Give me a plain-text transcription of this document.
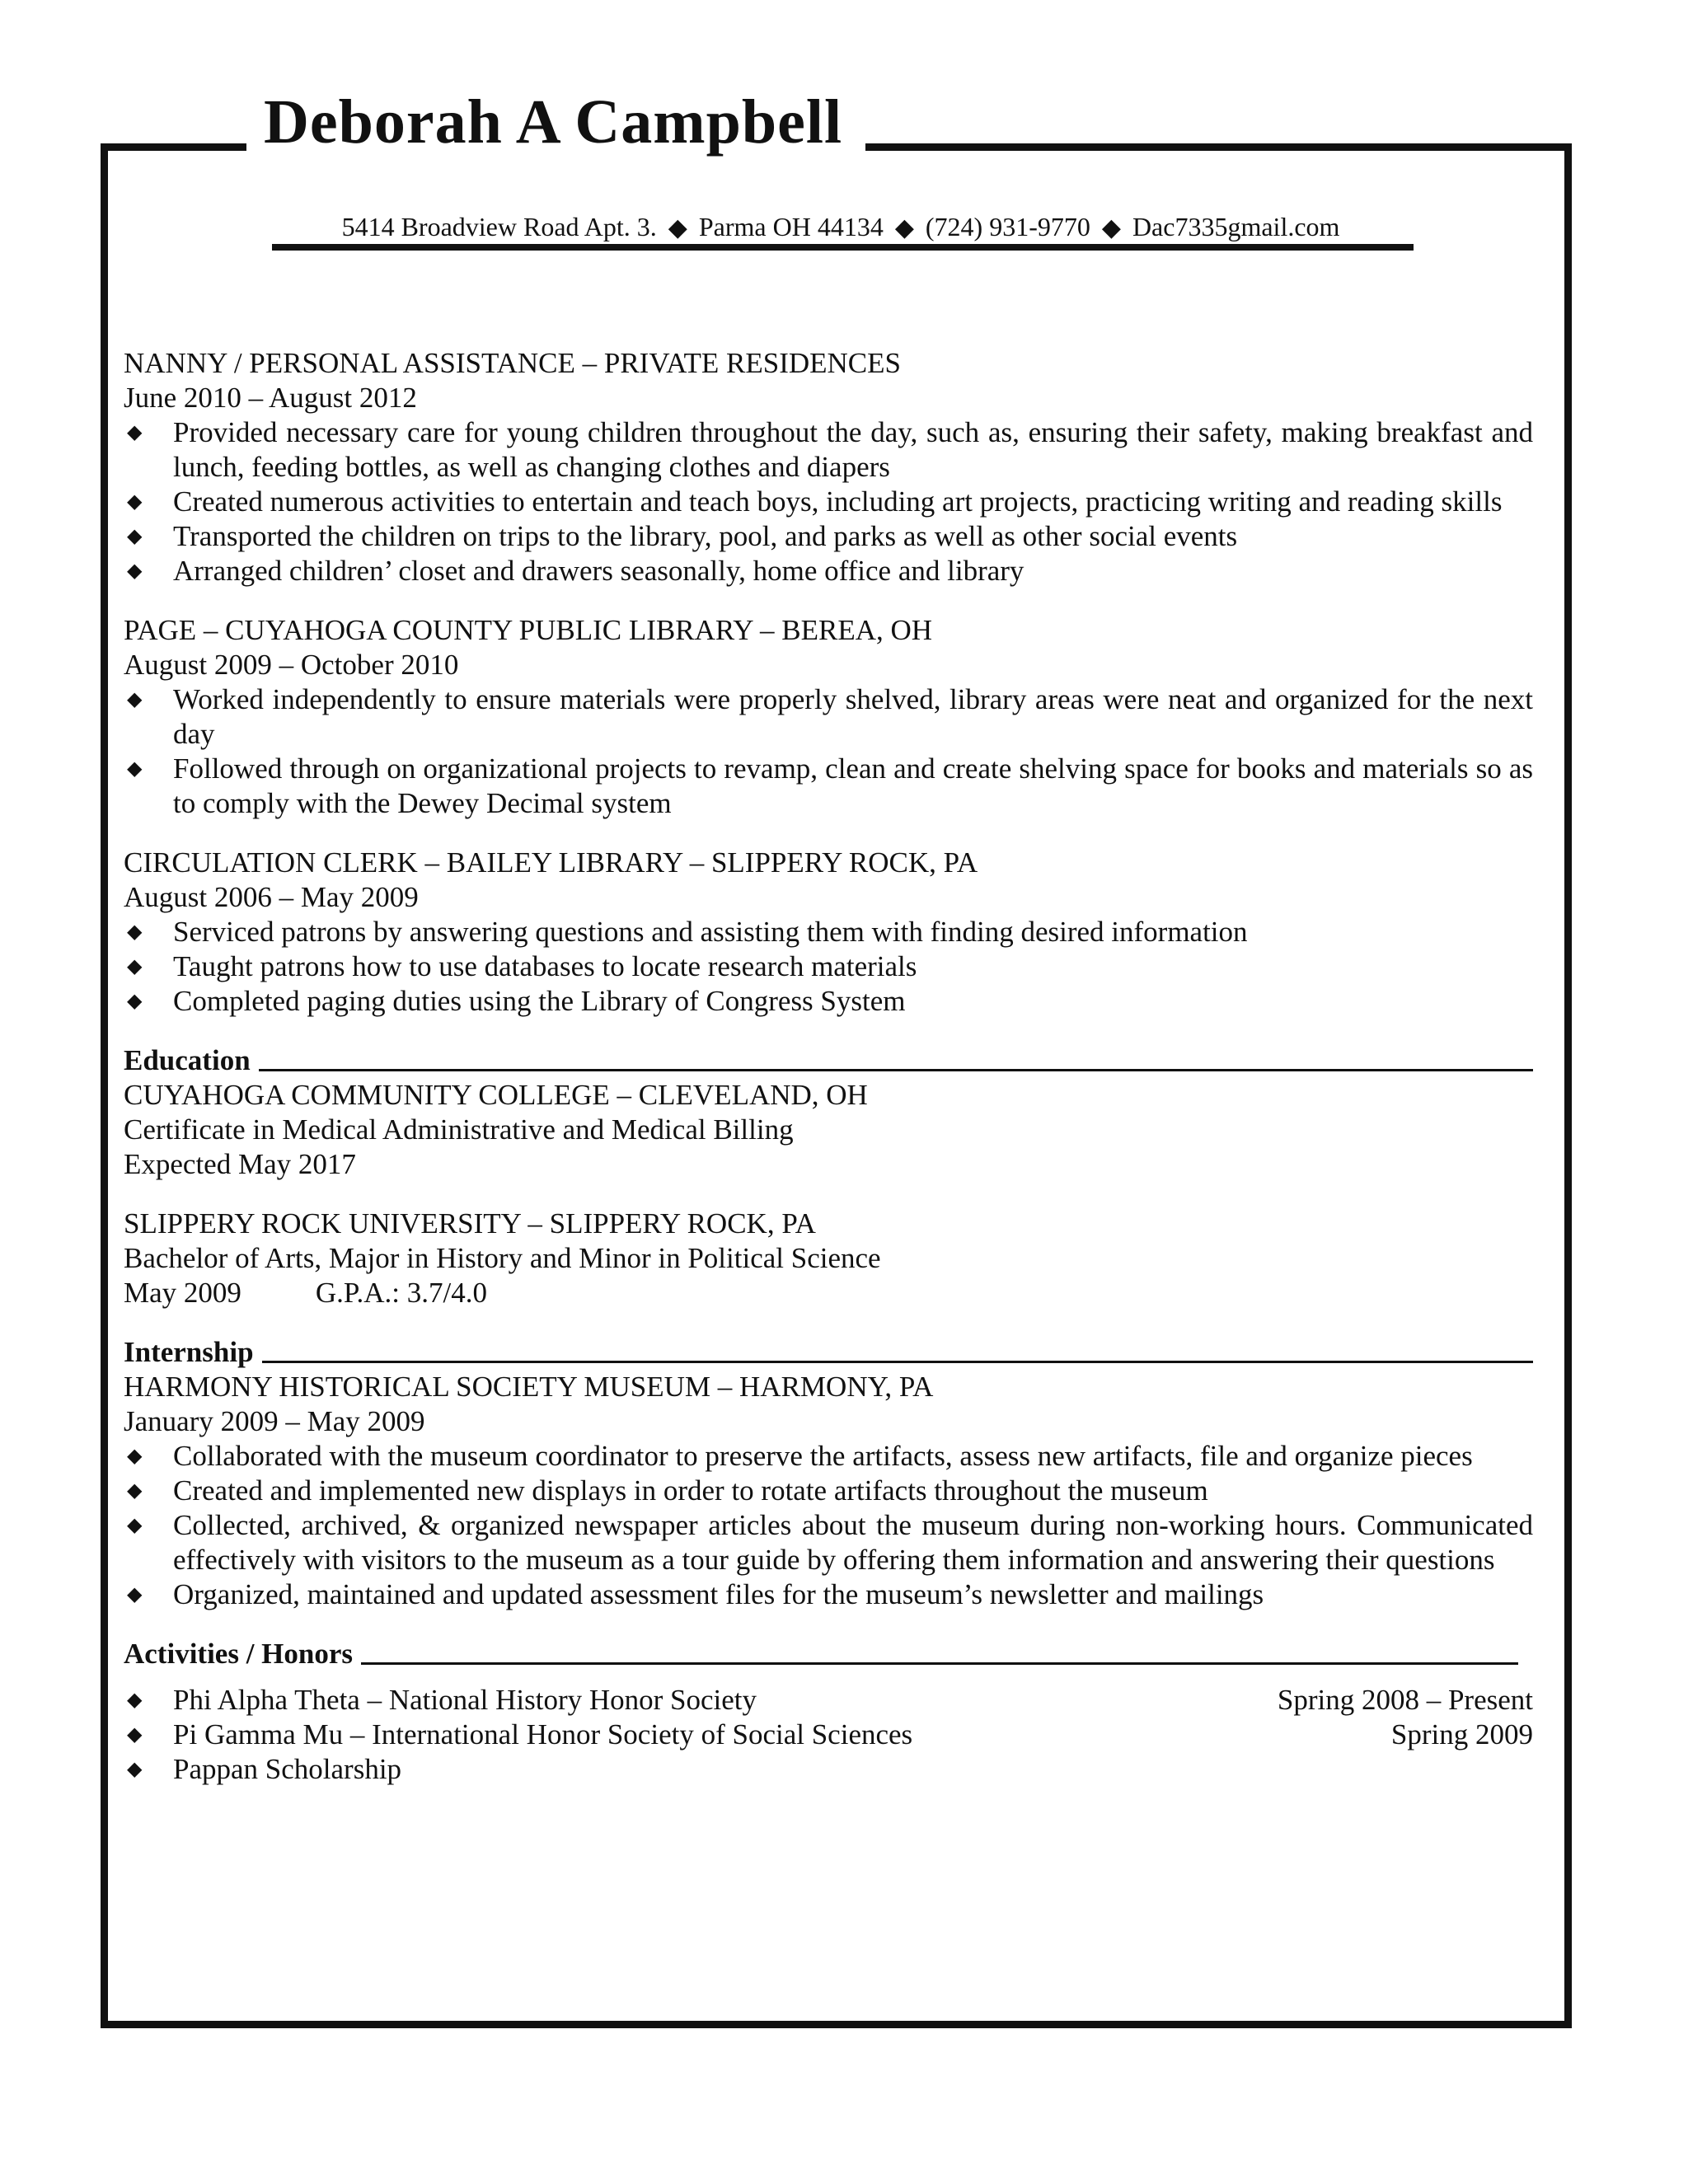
Deborah A Campbell
5414 Broadview Road Apt. 3. ◆ Parma OH 44134 ◆ (724) 931-9770 ◆ Dac7335gmail.com
NANNY / PERSONAL ASSISTANCE – PRIVATE RESIDENCES
June 2010 – August 2012
◆ Provided necessary care for young children throughout the day, such as, ensuring their safety, making breakfast and lunch, feeding bottles, as well as changing clothes and diapers
◆ Created numerous activities to entertain and teach boys, including art projects, practicing writing and reading skills
◆ Transported the children on trips to the library, pool, and parks as well as other social events
◆ Arranged children’ closet and drawers seasonally, home office and library
PAGE – CUYAHOGA COUNTY PUBLIC LIBRARY – BEREA, OH
August 2009 – October 2010
◆ Worked independently to ensure materials were properly shelved, library areas were neat and organized for the next day
◆ Followed through on organizational projects to revamp, clean and create shelving space for books and materials so as to comply with the Dewey Decimal system
CIRCULATION CLERK – BAILEY LIBRARY – SLIPPERY ROCK, PA
August 2006 – May 2009
◆ Serviced patrons by answering questions and assisting them with finding desired information
◆ Taught patrons how to use databases to locate research materials
◆ Completed paging duties using the Library of Congress System
Education
CUYAHOGA COMMUNITY COLLEGE – CLEVELAND, OH
Certificate in Medical Administrative and Medical Billing
Expected May 2017
SLIPPERY ROCK UNIVERSITY – SLIPPERY ROCK, PA
Bachelor of Arts, Major in History and Minor in Political Science
May 2009	G.P.A.: 3.7/4.0
Internship
HARMONY HISTORICAL SOCIETY MUSEUM – HARMONY, PA
January 2009 – May 2009
◆ Collaborated with the museum coordinator to preserve the artifacts, assess new artifacts, file and organize pieces
◆ Created and implemented new displays in order to rotate artifacts throughout the museum
◆ Collected, archived, & organized newspaper articles about the museum during non-working hours. Communicated effectively with visitors to the museum as a tour guide by offering them information and answering their questions
◆ Organized, maintained and updated assessment files for the museum’s newsletter and mailings
Activities / Honors
◆ Phi Alpha Theta – National History Honor Society	Spring 2008 – Present
◆ Pi Gamma Mu – International Honor Society of Social Sciences	Spring 2009
◆ Pappan Scholarship
